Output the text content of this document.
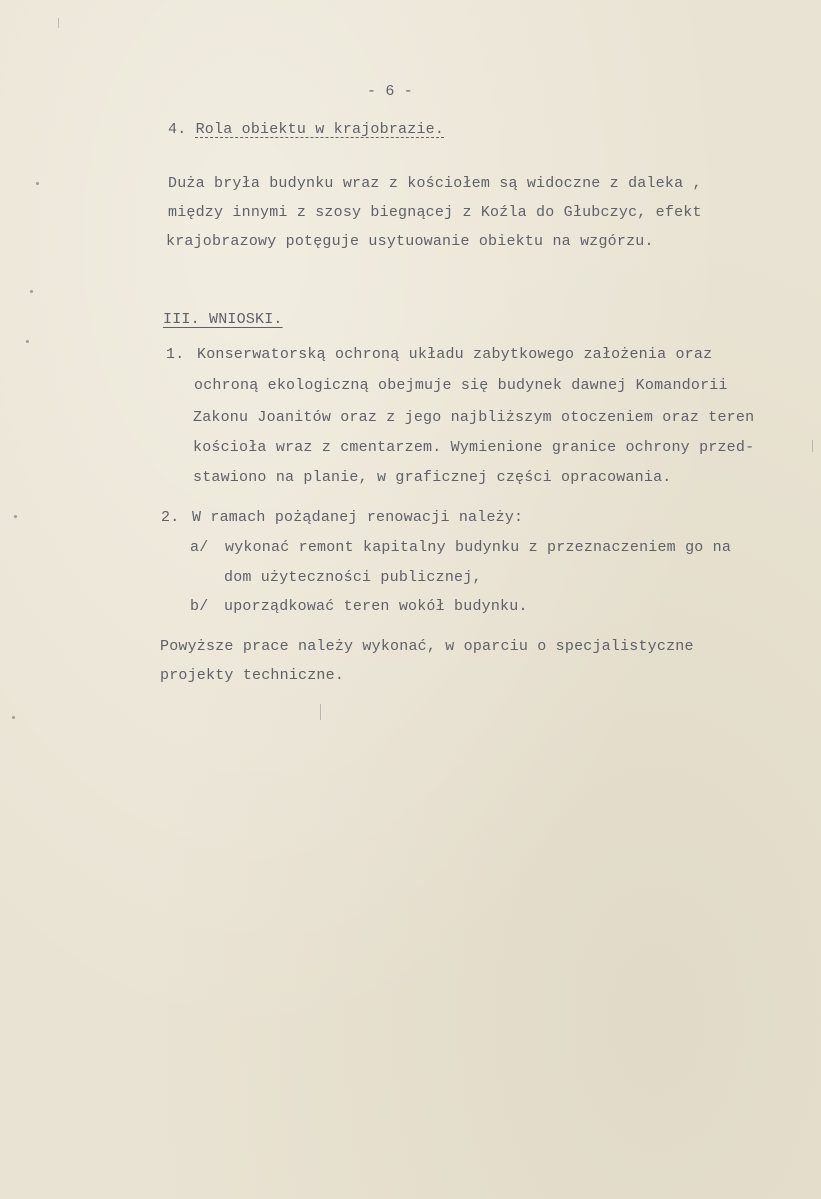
- 6 -
4. Rola obiektu w krajobrazie.
Duża bryła budynku wraz z kościołem są widoczne z daleka ,
między innymi z szosy biegnącej z Koźla do Głubczyc, efekt
krajobrazowy potęguje usytuowanie obiektu na wzgórzu.
III. WNIOSKI.
1. Konserwatorską ochroną układu zabytkowego założenia oraz
ochroną ekologiczną obejmuje się budynek dawnej Komandorii
Zakonu Joanitów oraz z jego najbliższym otoczeniem oraz teren
kościoła wraz z cmentarzem. Wymienione granice ochrony przed-
stawiono na planie, w graficznej części opracowania.
2. W ramach pożądanej renowacji należy:
a/ wykonać remont kapitalny budynku z przeznaczeniem go na
dom użyteczności publicznej,
b/ uporządkować teren wokół budynku.
Powyższe prace należy wykonać, w oparciu o specjalistyczne
projekty techniczne.
